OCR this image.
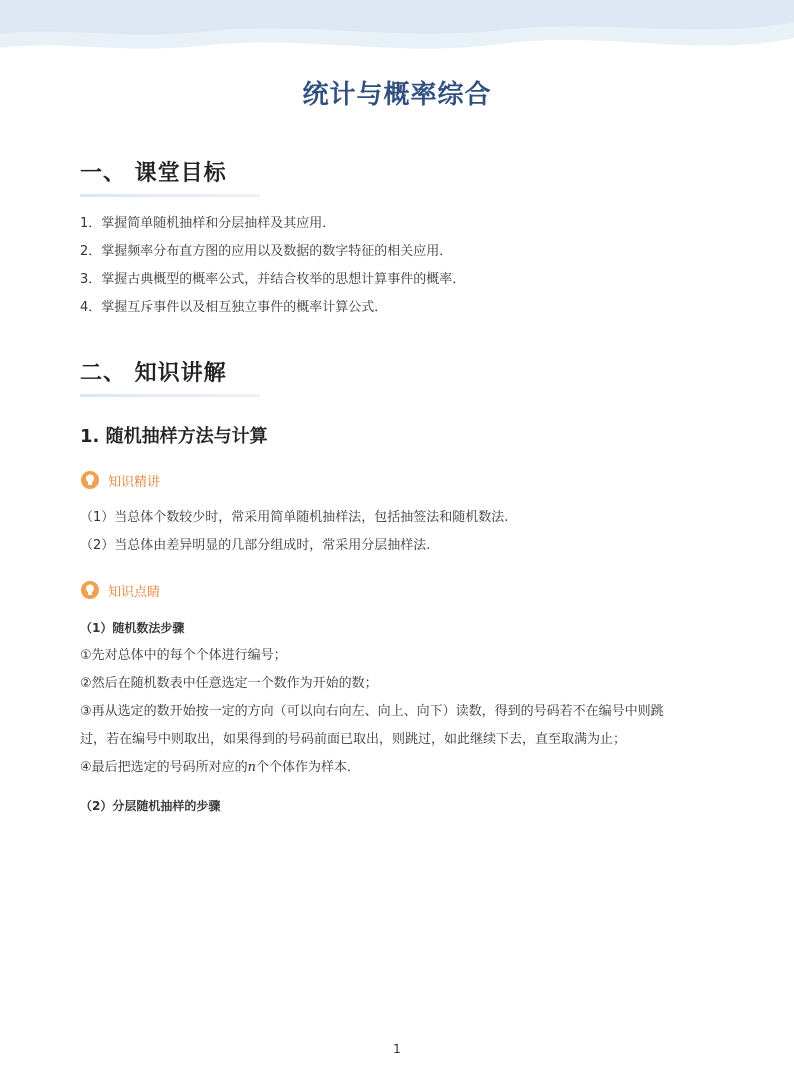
统计与概率综合
一、 课堂目标
1．掌握简单随机抽样和分层抽样及其应用．
2．掌握频率分布直方图的应用以及数据的数字特征的相关应用．
3．掌握古典概型的概率公式，并结合枚举的思想计算事件的概率．
4．掌握互斥事件以及相互独立事件的概率计算公式．
二、 知识讲解
1. 随机抽样方法与计算
知识精讲
（1）当总体个数较少时，常采用简单随机抽样法，包括抽签法和随机数法.
（2）当总体由差异明显的几部分组成时，常采用分层抽样法.
知识点睛
（1）随机数法步骤
①先对总体中的每个个体进行编号；
②然后在随机数表中任意选定一个数作为开始的数；
③再从选定的数开始按一定的方向（可以向右向左、向上、向下）读数，得到的号码若不在编号中则跳
过，若在编号中则取出，如果得到的号码前面已取出，则跳过，如此继续下去，直至取满为止；
④最后把选定的号码所对应的n个个体作为样本．
（2）分层随机抽样的步骤
1
